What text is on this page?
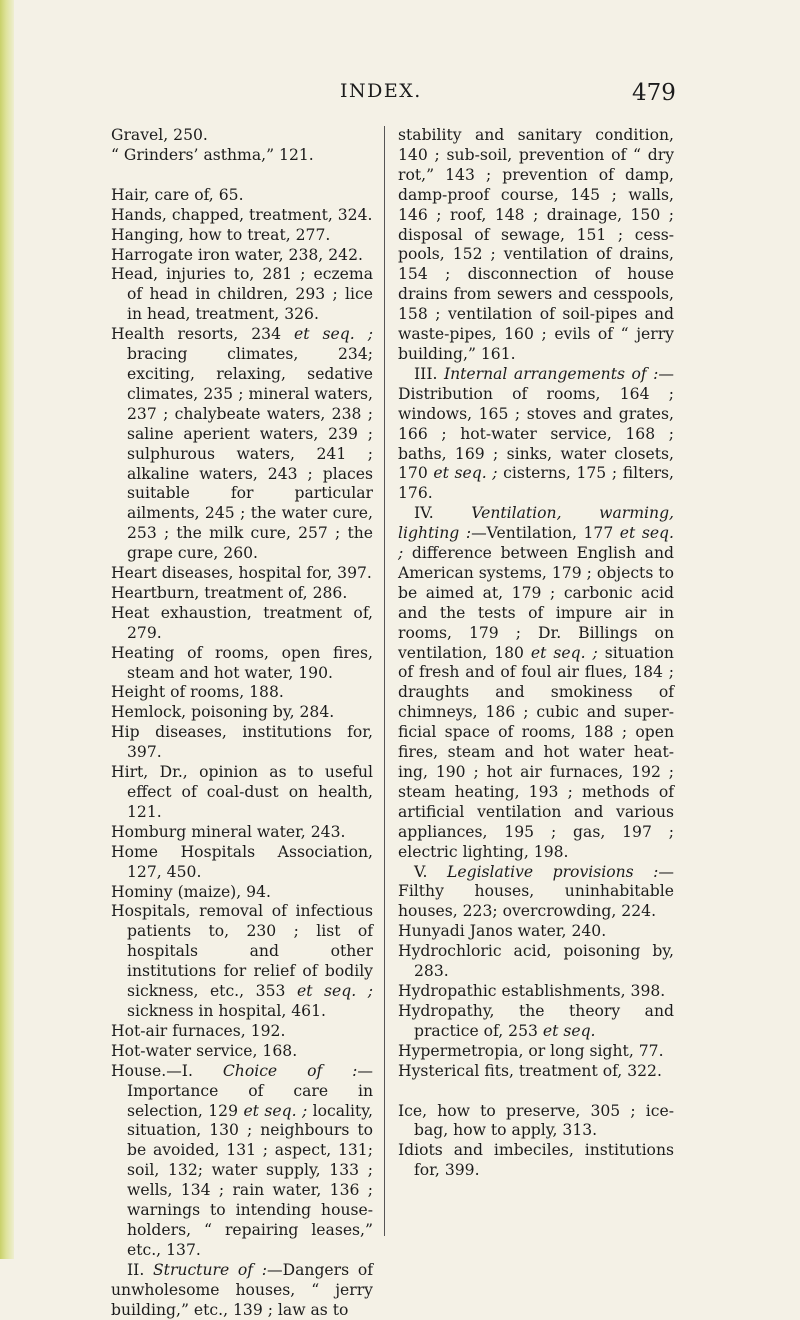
INDEX.	479

Gravel, 250.

“ Grinders’ asthma,” 121.

Hair, care of, 65.

Hands, chapped, treatment, 324.

Hanging, how to treat, 277.

Harrogate iron water, 238, 242.

Head, injuries to, 281 ; eczema of head in children, 293 ; lice in head, treatment, 326.

Health resorts, 234 et seq. ; bracing climates, 234; exciting, relaxing, sedative climates, 235 ; mineral waters, 237 ; chalybeate waters, 238 ; saline aperient waters, 239 ; sulphurous waters, 241 ; alkaline waters, 243 ; places suitable for particular ailments, 245 ; the water cure, 253 ; the milk cure, 257 ; the grape cure, 260.

Heart diseases, hospital for, 397.

Heartburn, treatment of, 286.

Heat exhaustion, treatment of, 279.

Heating of rooms, open fires, steam and hot water, 190.

Height of rooms, 188.

Hemlock, poisoning by, 284.

Hip diseases, institutions for, 397.

Hirt, Dr., opinion as to useful effect of coal-dust on health, 121.

Homburg mineral water, 243.

Home Hospitals Association, 127, 450.

Hominy (maize), 94.

Hospitals, removal of infectious patients to, 230 ; list of hospitals and other institutions for relief of bodily sickness, etc., 353 et seq. ; sickness in hospital, 461.

Hot-air furnaces, 192.

Hot-water service, 168.

House.—I. Choice of :—Importance of care in selection, 129 et seq. ; locality, situation, 130 ; neighbours to be avoided, 131 ; aspect, 131; soil, 132; water supply, 133 ; wells, 134 ; rain water, 136 ; warnings to intending house-holders, “ repairing leases,” etc., 137.

II. Structure of :—Dangers of unwholesome houses, “ jerry building,” etc., 139 ; law as to

stability and sanitary condition, 140 ; sub-soil, prevention of “ dry rot,” 143 ; prevention of damp, damp-proof course, 145 ; walls, 146 ; roof, 148 ; drainage, 150 ; disposal of sewage, 151 ; cess-pools, 152 ; ventilation of drains, 154 ; disconnection of house drains from sewers and cesspools, 158 ; ventilation of soil-pipes and waste-pipes, 160 ; evils of “ jerry building,” 161.

III. Internal arrangements of :—Distribution of rooms, 164 ; windows, 165 ; stoves and grates, 166 ; hot-water service, 168 ; baths, 169 ; sinks, water closets, 170 et seq. ; cisterns, 175 ; filters, 176.

IV. Ventilation, warming, lighting :—Ventilation, 177 et seq. ; difference between English and American systems, 179 ; objects to be aimed at, 179 ; carbonic acid and the tests of impure air in rooms, 179 ; Dr. Billings on ventilation, 180 et seq. ; situation of fresh and of foul air flues, 184 ; draughts and smokiness of chimneys, 186 ; cubic and super-ficial space of rooms, 188 ; open fires, steam and hot water heat-ing, 190 ; hot air furnaces, 192 ; steam heating, 193 ; methods of artificial ventilation and various appliances, 195 ; gas, 197 ; electric lighting, 198.

V. Legislative provisions :— Filthy houses, uninhabitable houses, 223; overcrowding, 224.

Hunyadi Janos water, 240.

Hydrochloric acid, poisoning by, 283.

Hydropathic establishments, 398.

Hydropathy, the theory and practice of, 253 et seq.

Hypermetropia, or long sight, 77.

Hysterical fits, treatment of, 322.

Ice, how to preserve, 305 ; ice-bag, how to apply, 313.

Idiots and imbeciles, institutions for, 399.
